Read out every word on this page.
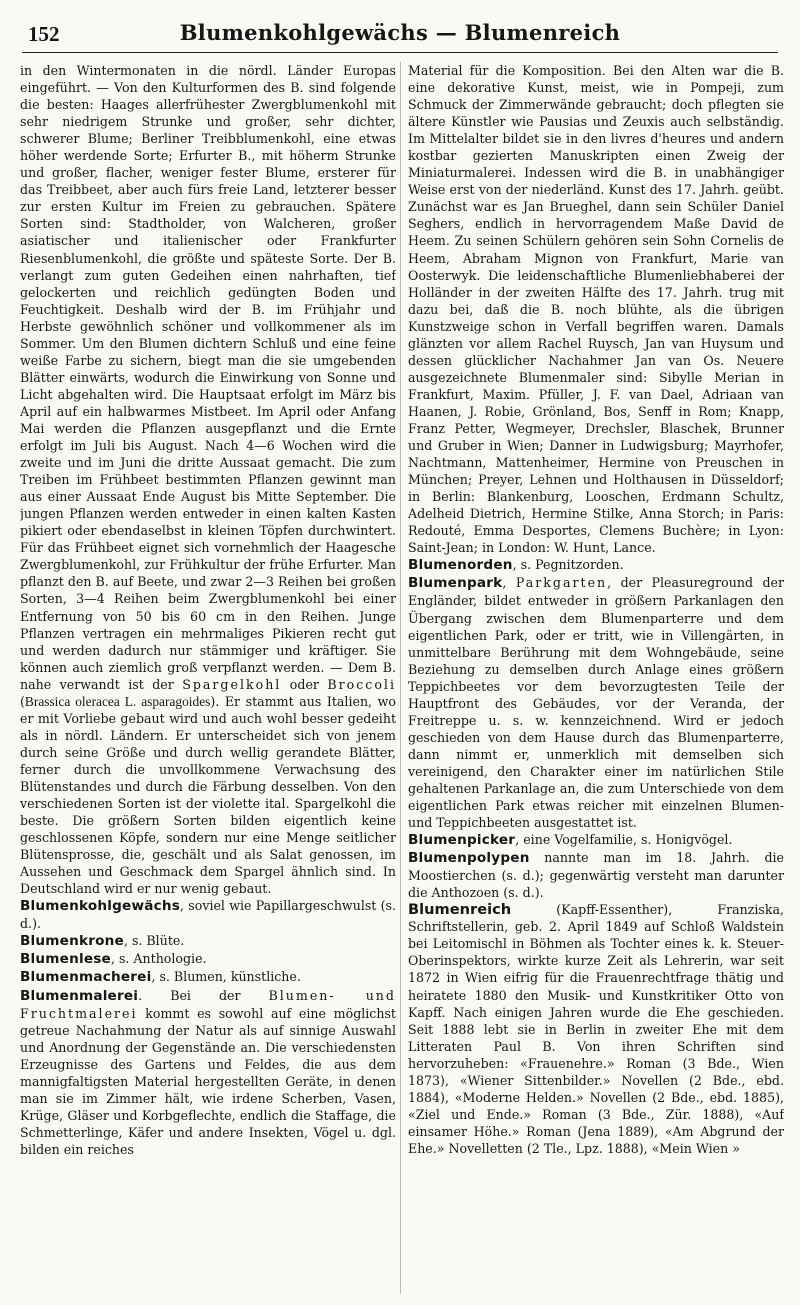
152	Blumenkohlgewächs — Blumenreich

in den Wintermonaten in die nördl. Länder Europas eingeführt. — Von den Kulturformen des B. sind folgende die besten: Haages allerfrühester Zwergblumenkohl mit sehr niedrigem Strunke und großer, sehr dichter, schwerer Blume; Berliner Treibblumenkohl, eine etwas höher werdende Sorte; Erfurter B., mit höherm Strunke und großer, flacher, weniger fester Blume, ersterer für das Treibbeet, aber auch fürs freie Land, letzterer besser zur ersten Kultur im Freien zu gebrauchen. Spätere Sorten sind: Stadtholder, von Walcheren, großer asiatischer und italienischer oder Frankfurter Riesenblumenkohl, die größte und späteste Sorte. Der B. verlangt zum guten Gedeihen einen nahrhaften, tief gelockerten und reichlich gedüngten Boden und Feuchtigkeit. Deshalb wird der B. im Frühjahr und Herbste gewöhnlich schöner und vollkommener als im Sommer. Um den Blumen dichtern Schluß und eine feine weiße Farbe zu sichern, biegt man die sie umgebenden Blätter einwärts, wodurch die Einwirkung von Sonne und Licht abgehalten wird. Die Hauptsaat erfolgt im März bis April auf ein halbwarmes Mistbeet. Im April oder Anfang Mai werden die Pflanzen ausgepflanzt und die Ernte erfolgt im Juli bis August. Nach 4—6 Wochen wird die zweite und im Juni die dritte Aussaat gemacht. Die zum Treiben im Frühbeet bestimmten Pflanzen gewinnt man aus einer Aussaat Ende August bis Mitte September. Die jungen Pflanzen werden entweder in einen kalten Kasten pikiert oder ebendaselbst in kleinen Töpfen durchwintert. Für das Frühbeet eignet sich vornehmlich der Haagesche Zwergblumenkohl, zur Frühkultur der frühe Erfurter. Man pflanzt den B. auf Beete, und zwar 2—3 Reihen bei großen Sorten, 3—4 Reihen beim Zwergblumenkohl bei einer Entfernung von 50 bis 60 cm in den Reihen. Junge Pflanzen vertragen ein mehrmaliges Pikieren recht gut und werden dadurch nur stämmiger und kräftiger. Sie können auch ziemlich groß verpflanzt werden. — Dem B. nahe verwandt ist der Spargelkohl oder Broccoli (Brassica oleracea L. asparagoides). Er stammt aus Italien, wo er mit Vorliebe gebaut wird und auch wohl besser gedeiht als in nördl. Ländern. Er unterscheidet sich von jenem durch seine Größe und durch wellig gerandete Blätter, ferner durch die unvollkommene Verwachsung des Blütenstandes und durch die Färbung desselben. Von den verschiedenen Sorten ist der violette ital. Spargelkohl die beste. Die größern Sorten bilden eigentlich keine geschlossenen Köpfe, sondern nur eine Menge seitlicher Blütensprosse, die, geschält und als Salat genossen, im Aussehen und Geschmack dem Spargel ähnlich sind. In Deutschland wird er nur wenig gebaut.

Blumenkohlgewächs, soviel wie Papillargeschwulst (s. d.).

Blumenkrone, s. Blüte.

Blumenlese, s. Anthologie.

Blumenmacherei, s. Blumen, künstliche.

Blumenmalerei. Bei der Blumen- und Fruchtmalerei kommt es sowohl auf eine möglichst getreue Nachahmung der Natur als auf sinnige Auswahl und Anordnung der Gegenstände an. Die verschiedensten Erzeugnisse des Gartens und Feldes, die aus dem mannigfaltigsten Material hergestellten Geräte, in denen man sie im Zimmer hält, wie irdene Scherben, Vasen, Krüge, Gläser und Korbgeflechte, endlich die Staffage, die Schmetterlinge, Käfer und andere Insekten, Vögel u. dgl. bilden ein reiches

Material für die Komposition. Bei den Alten war die B. eine dekorative Kunst, meist, wie in Pompeji, zum Schmuck der Zimmerwände gebraucht; doch pflegten sie ältere Künstler wie Pausias und Zeuxis auch selbständig. Im Mittelalter bildet sie in den livres d'heures und andern kostbar gezierten Manuskripten einen Zweig der Miniaturmalerei. Indessen wird die B. in unabhängiger Weise erst von der niederländ. Kunst des 17. Jahrh. geübt. Zunächst war es Jan Brueghel, dann sein Schüler Daniel Seghers, endlich in hervorragendem Maße David de Heem. Zu seinen Schülern gehören sein Sohn Cornelis de Heem, Abraham Mignon von Frankfurt, Marie van Oosterwyk. Die leidenschaftliche Blumenliebhaberei der Holländer in der zweiten Hälfte des 17. Jahrh. trug mit dazu bei, daß die B. noch blühte, als die übrigen Kunstzweige schon in Verfall begriffen waren. Damals glänzten vor allem Rachel Ruysch, Jan van Huysum und dessen glücklicher Nachahmer Jan van Os. Neuere ausgezeichnete Blumenmaler sind: Sibylle Merian in Frankfurt, Maxim. Pfüller, J. F. van Dael, Adriaan van Haanen, J. Robie, Grönland, Bos, Senff in Rom; Knapp, Franz Petter, Wegmeyer, Drechsler, Blaschek, Brunner und Gruber in Wien; Danner in Ludwigsburg; Mayrhofer, Nachtmann, Mattenheimer, Hermine von Preuschen in München; Preyer, Lehnen und Holthausen in Düsseldorf; in Berlin: Blankenburg, Looschen, Erdmann Schultz, Adelheid Dietrich, Hermine Stilke, Anna Storch; in Paris: Redouté, Emma Desportes, Clemens Buchère; in Lyon: Saint-Jean; in London: W. Hunt, Lance.

Blumenorden, s. Pegnitzorden.

Blumenpark, Parkgarten, der Pleasureground der Engländer, bildet entweder in größern Parkanlagen den Übergang zwischen dem Blumenparterre und dem eigentlichen Park, oder er tritt, wie in Villengärten, in unmittelbare Berührung mit dem Wohngebäude, seine Beziehung zu demselben durch Anlage eines größern Teppichbeetes vor dem bevorzugtesten Teile der Hauptfront des Gebäudes, vor der Veranda, der Freitreppe u. s. w. kennzeichnend. Wird er jedoch geschieden von dem Hause durch das Blumenparterre, dann nimmt er, unmerklich mit demselben sich vereinigend, den Charakter einer im natürlichen Stile gehaltenen Parkanlage an, die zum Unterschiede von dem eigentlichen Park etwas reicher mit einzelnen Blumen- und Teppichbeeten ausgestattet ist.

Blumenpicker, eine Vogelfamilie, s. Honigvögel.

Blumenpolypen nannte man im 18. Jahrh. die Moostierchen (s. d.); gegenwärtig versteht man darunter die Anthozoen (s. d.).

Blumenreich (Kapff-Essenther), Franziska, Schriftstellerin, geb. 2. April 1849 auf Schloß Waldstein bei Leitomischl in Böhmen als Tochter eines k. k. Steuer-Oberinspektors, wirkte kurze Zeit als Lehrerin, war seit 1872 in Wien eifrig für die Frauenrechtfrage thätig und heiratete 1880 den Musik- und Kunstkritiker Otto von Kapff. Nach einigen Jahren wurde die Ehe geschieden. Seit 1888 lebt sie in Berlin in zweiter Ehe mit dem Litteraten Paul B. Von ihren Schriften sind hervorzuheben: «Frauenehre.» Roman (3 Bde., Wien 1873), «Wiener Sittenbilder.» Novellen (2 Bde., ebd. 1884), «Moderne Helden.» Novellen (2 Bde., ebd. 1885), «Ziel und Ende.» Roman (3 Bde., Zür. 1888), «Auf einsamer Höhe.» Roman (Jena 1889), «Am Abgrund der Ehe.» Novelletten (2 Tle., Lpz. 1888), «Mein Wien »
